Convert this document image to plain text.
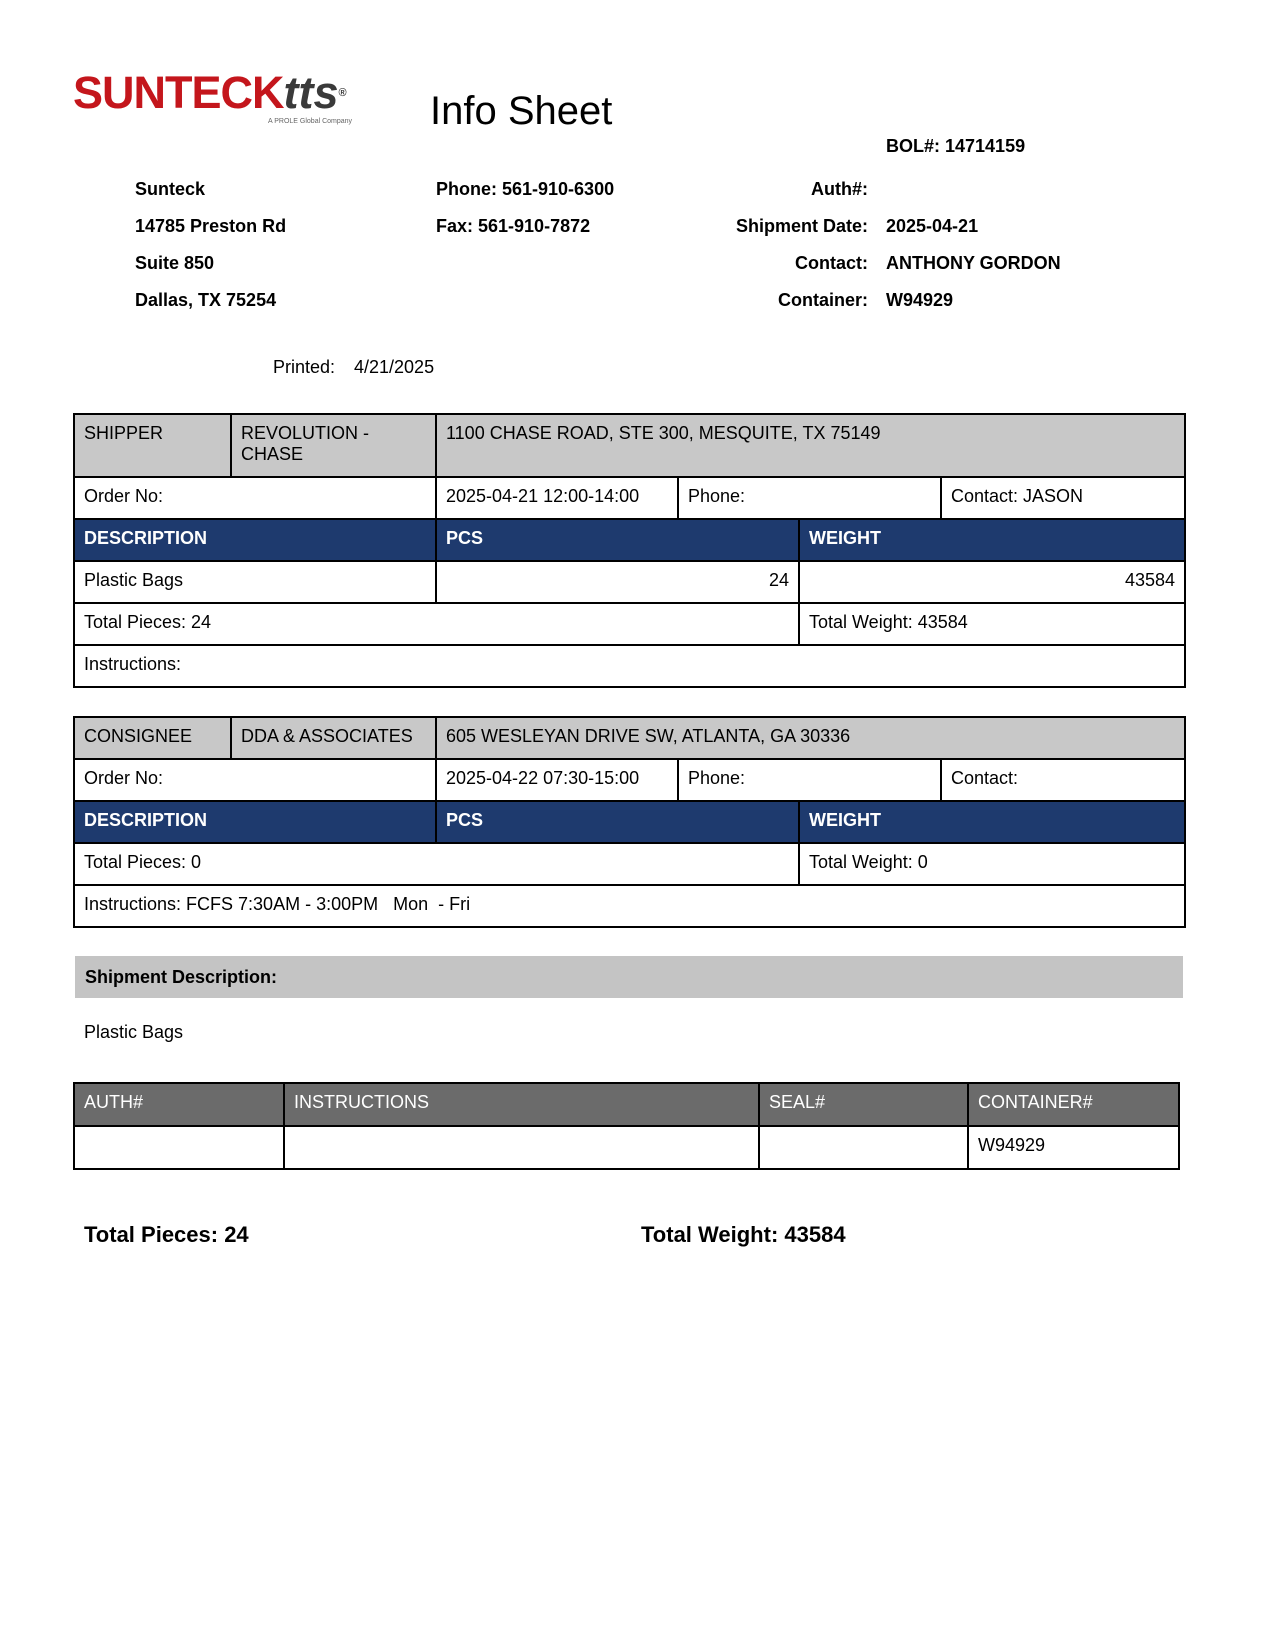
SUNTECKtts®
A PROLE Global Company Info Sheet
BOL#: 14714159
Sunteck
14785 Preston Rd
Suite 850
Dallas, TX 75254
Phone: 561-910-6300
Fax: 561-910-7872
Auth#:
Shipment Date: 2025-04-21
Contact: ANTHONY GORDON
Container: W94929
Printed: 4/21/2025
SHIPPER	REVOLUTION - CHASE	1100 CHASE ROAD, STE 300, MESQUITE, TX 75149			
Order No:		2025-04-21 12:00-14:00	Phone:		Contact: JASON
DESCRIPTION		PCS		WEIGHT	
Plastic Bags		24		43584	
Total Pieces: 24				Total Weight: 43584	
Instructions:					
CONSIGNEE	DDA & ASSOCIATES	605 WESLEYAN DRIVE SW, ATLANTA, GA 30336			
Order No:		2025-04-22 07:30-15:00	Phone:		Contact:
DESCRIPTION		PCS		WEIGHT	
Total Pieces: 0				Total Weight: 0	
Instructions: FCFS 7:30AM - 3:00PM   Mon  - Fri					
Shipment Description:
Plastic Bags
AUTH#	INSTRUCTIONS	SEAL#	CONTAINER#
			W94929
Total Pieces: 24	Total Weight: 43584
